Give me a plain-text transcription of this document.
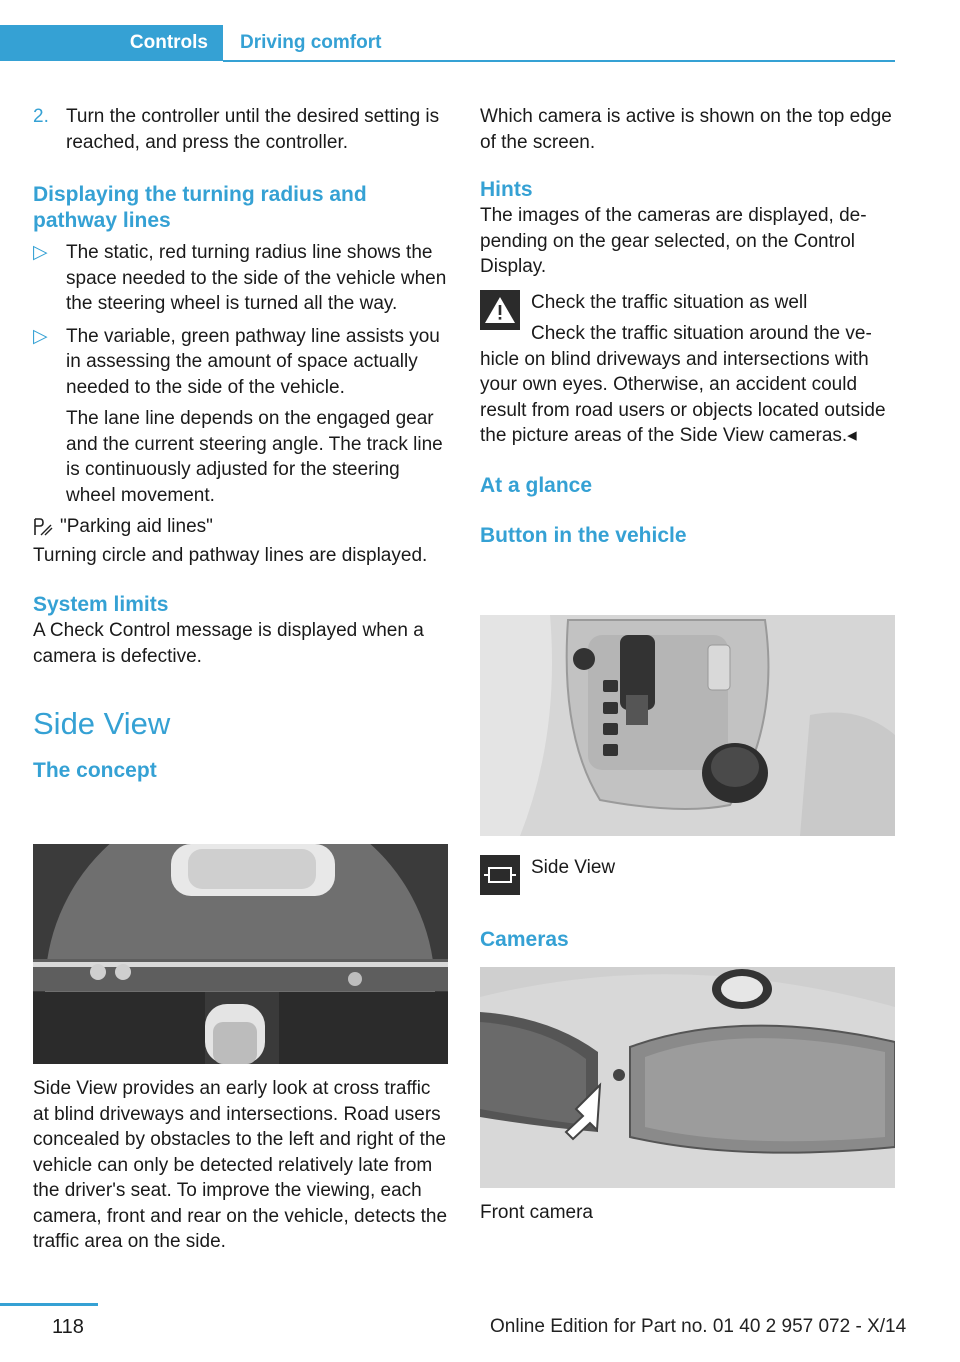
Controls	Driving comfort
2. Turn the controller until the desired setting is reached, and press the controller.

Displaying the turning radius and pathway lines

▷ The static, red turning radius line shows the space needed to the side of the vehicle when the steering wheel is turned all the way.

▷ The variable, green pathway line assists you in assessing the amount of space actually needed to the side of the vehicle.

The lane line depends on the engaged gear and the current steering angle. The track line is continuously adjusted for the steering wheel movement.

"Parking aid lines"

Turning circle and pathway lines are displayed.

System limits

A Check Control message is displayed when a camera is defective.

Side View

The concept

Side View provides an early look at cross traffic at blind driveways and intersections. Road users concealed by obstacles to the left and right of the vehicle can only be detected relatively late from the driver's seat. To improve the viewing, each camera, front and rear on the vehicle, detects the traffic area on the side.

Which camera is active is shown on the top edge of the screen.

Hints

The images of the cameras are displayed, depending on the gear selected, on the Control Display.

Check the traffic situation as well

Check the traffic situation around the ve-

hicle on blind driveways and intersections with your own eyes. Otherwise, an accident could result from road users or objects located outside the picture areas of the Side View cameras.◂

At a glance

Button in the vehicle

Side View

Cameras

Front camera

118	Online Edition for Part no. 01 40 2 957 072 - X/14
